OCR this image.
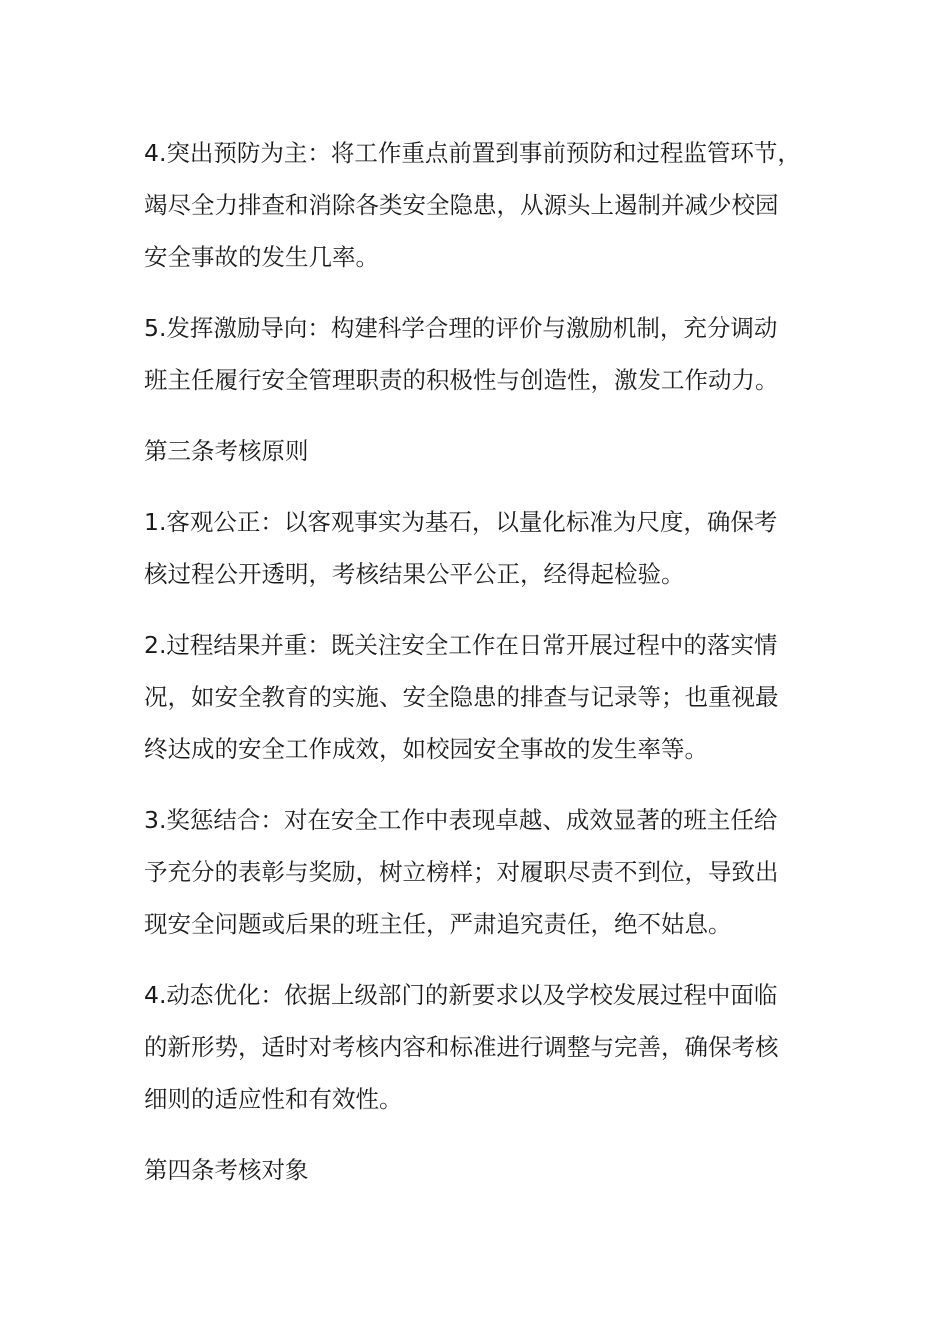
4.突出预防为主：将工作重点前置到事前预防和过程监管环节，
竭尽全力排查和消除各类安全隐患，从源头上遏制并减少校园
安全事故的发生几率。

5.发挥激励导向：构建科学合理的评价与激励机制，充分调动
班主任履行安全管理职责的积极性与创造性，激发工作动力。

第三条考核原则

1.客观公正：以客观事实为基石，以量化标准为尺度，确保考
核过程公开透明，考核结果公平公正，经得起检验。

2.过程结果并重：既关注安全工作在日常开展过程中的落实情
况，如安全教育的实施、安全隐患的排查与记录等；也重视最
终达成的安全工作成效，如校园安全事故的发生率等。

3.奖惩结合：对在安全工作中表现卓越、成效显著的班主任给
予充分的表彰与奖励，树立榜样；对履职尽责不到位，导致出
现安全问题或后果的班主任，严肃追究责任，绝不姑息。

4.动态优化：依据上级部门的新要求以及学校发展过程中面临
的新形势，适时对考核内容和标准进行调整与完善，确保考核
细则的适应性和有效性。

第四条考核对象
